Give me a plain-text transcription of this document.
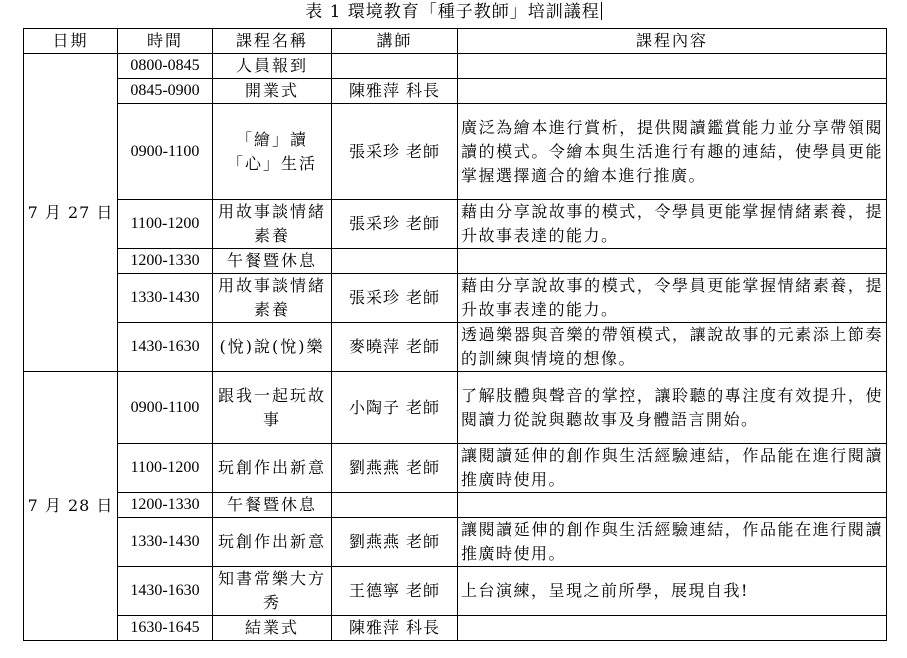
表 1 環境教育「種子教師」培訓議程
日期	時間	課程名稱	講師	課程內容
7 月 27 日	0800-0845	人員報到		
	0845-0900	開業式	陳雅萍 科長	
	0900-1100	「繪」讀「心」生活	張采珍 老師	廣泛為繪本進行賞析，提供閱讀鑑賞能力並分享帶領閱讀的模式。令繪本與生活進行有趣的連結，使學員更能掌握選擇適合的繪本進行推廣。
	1100-1200	用故事談情緒素養	張采珍 老師	藉由分享說故事的模式，令學員更能掌握情緒素養，提升故事表達的能力。
	1200-1330	午餐暨休息		
	1330-1430	用故事談情緒素養	張采珍 老師	藉由分享說故事的模式，令學員更能掌握情緒素養，提升故事表達的能力。
	1430-1630	(悅)說(悅)樂	麥曉萍 老師	透過樂器與音樂的帶領模式，讓說故事的元素添上節奏的訓練與情境的想像。
7 月 28 日	0900-1100	跟我一起玩故事	小陶子 老師	了解肢體與聲音的掌控，讓聆聽的專注度有效提升，使閱讀力從說與聽故事及身體語言開始。
	1100-1200	玩創作出新意	劉燕燕 老師	讓閱讀延伸的創作與生活經驗連結，作品能在進行閱讀推廣時使用。
	1200-1330	午餐暨休息		
	1330-1430	玩創作出新意	劉燕燕 老師	讓閱讀延伸的創作與生活經驗連結，作品能在進行閱讀推廣時使用。
	1430-1630	知書常樂大方秀	王德寧 老師	上台演練，呈現之前所學，展現自我!
	1630-1645	結業式	陳雅萍 科長	
